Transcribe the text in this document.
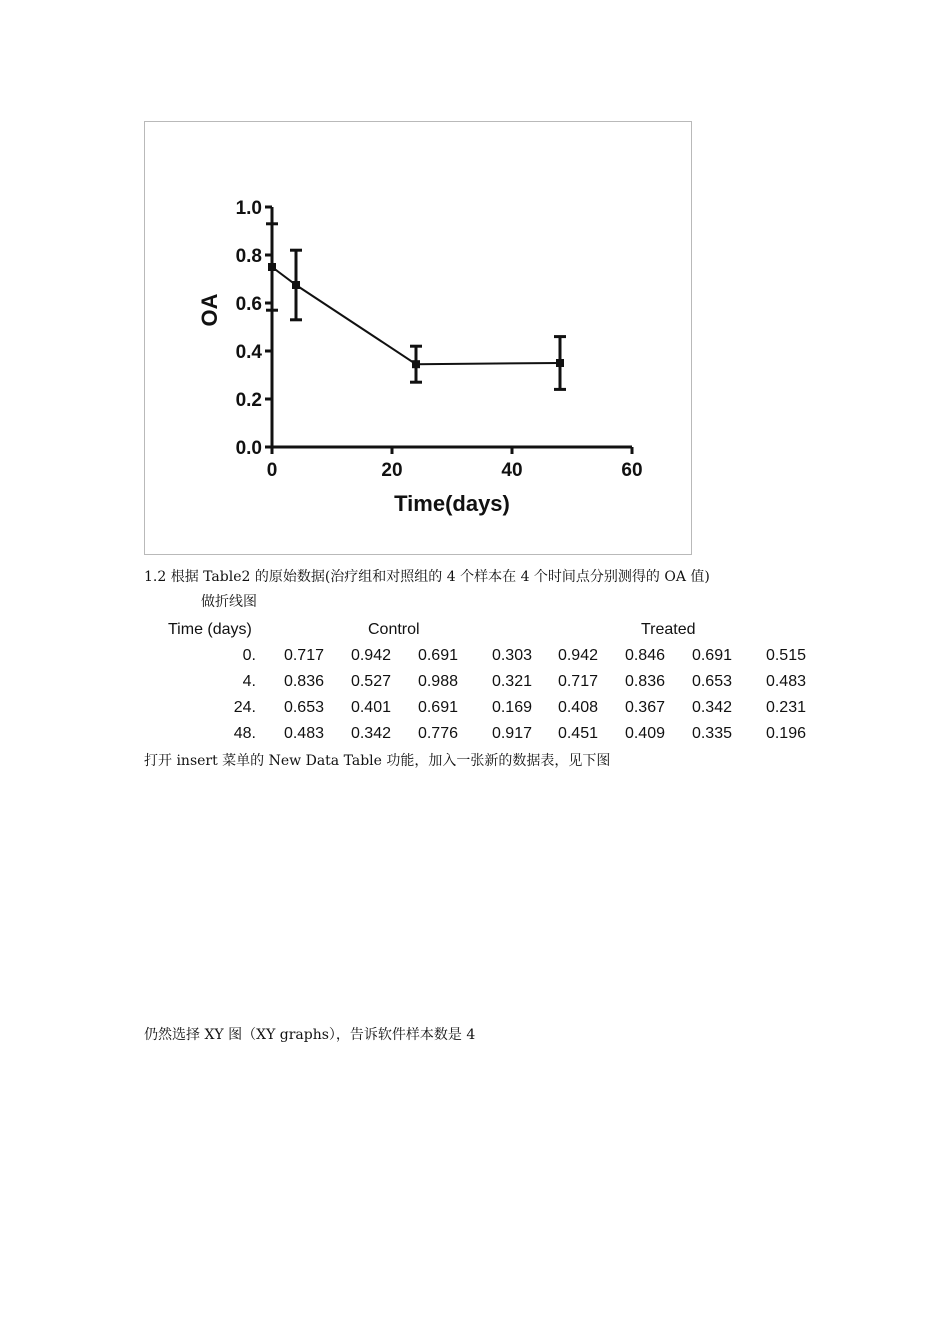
0	20	40	60
0.0
0.2
0.4
0.6
0.8
1.0
OA
Time(days)
1.2 根据 Table2 的原始数据(治疗组和对照组的 4 个样本在 4 个时间点分别测得的 OA 值)
做折线图
Time (days)	Control	Treated
0.	0.717	0.942	0.691	0.303	0.942	0.846	0.691	0.515
4.	0.836	0.527	0.988	0.321	0.717	0.836	0.653	0.483
24.	0.653	0.401	0.691	0.169	0.408	0.367	0.342	0.231
48.	0.483	0.342	0.776	0.917	0.451	0.409	0.335	0.196
打开 insert 菜单的 New Data Table 功能，加入一张新的数据表，见下图
仍然选择 XY 图（XY graphs），告诉软件样本数是 4
